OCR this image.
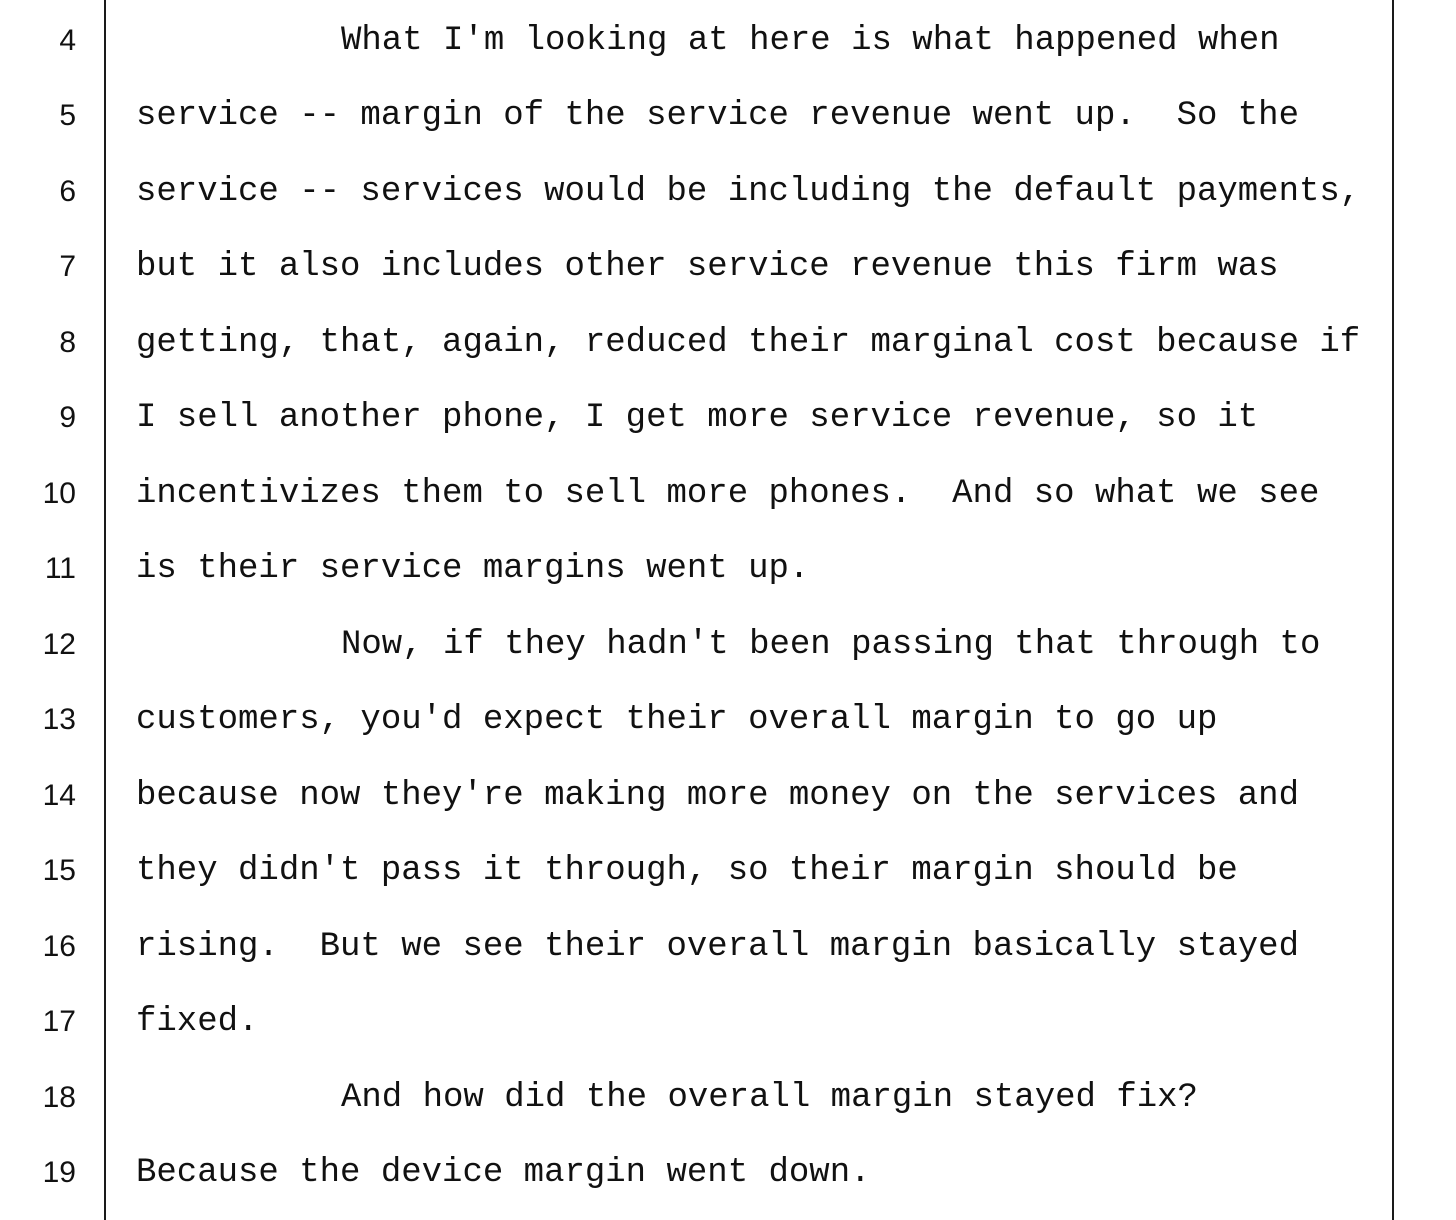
4	What I'm looking at here is what happened when
5 service -- margin of the service revenue went up.  So the
6 service -- services would be including the default payments,
7 but it also includes other service revenue this firm was
8 getting, that, again, reduced their marginal cost because if
9 I sell another phone, I get more service revenue, so it
10 incentivizes them to sell more phones.  And so what we see
11 is their service margins went up.
12	Now, if they hadn't been passing that through to
13 customers, you'd expect their overall margin to go up
14 because now they're making more money on the services and
15 they didn't pass it through, so their margin should be
16 rising.  But we see their overall margin basically stayed
17 fixed.
18	And how did the overall margin stayed fix?
19 Because the device margin went down.
